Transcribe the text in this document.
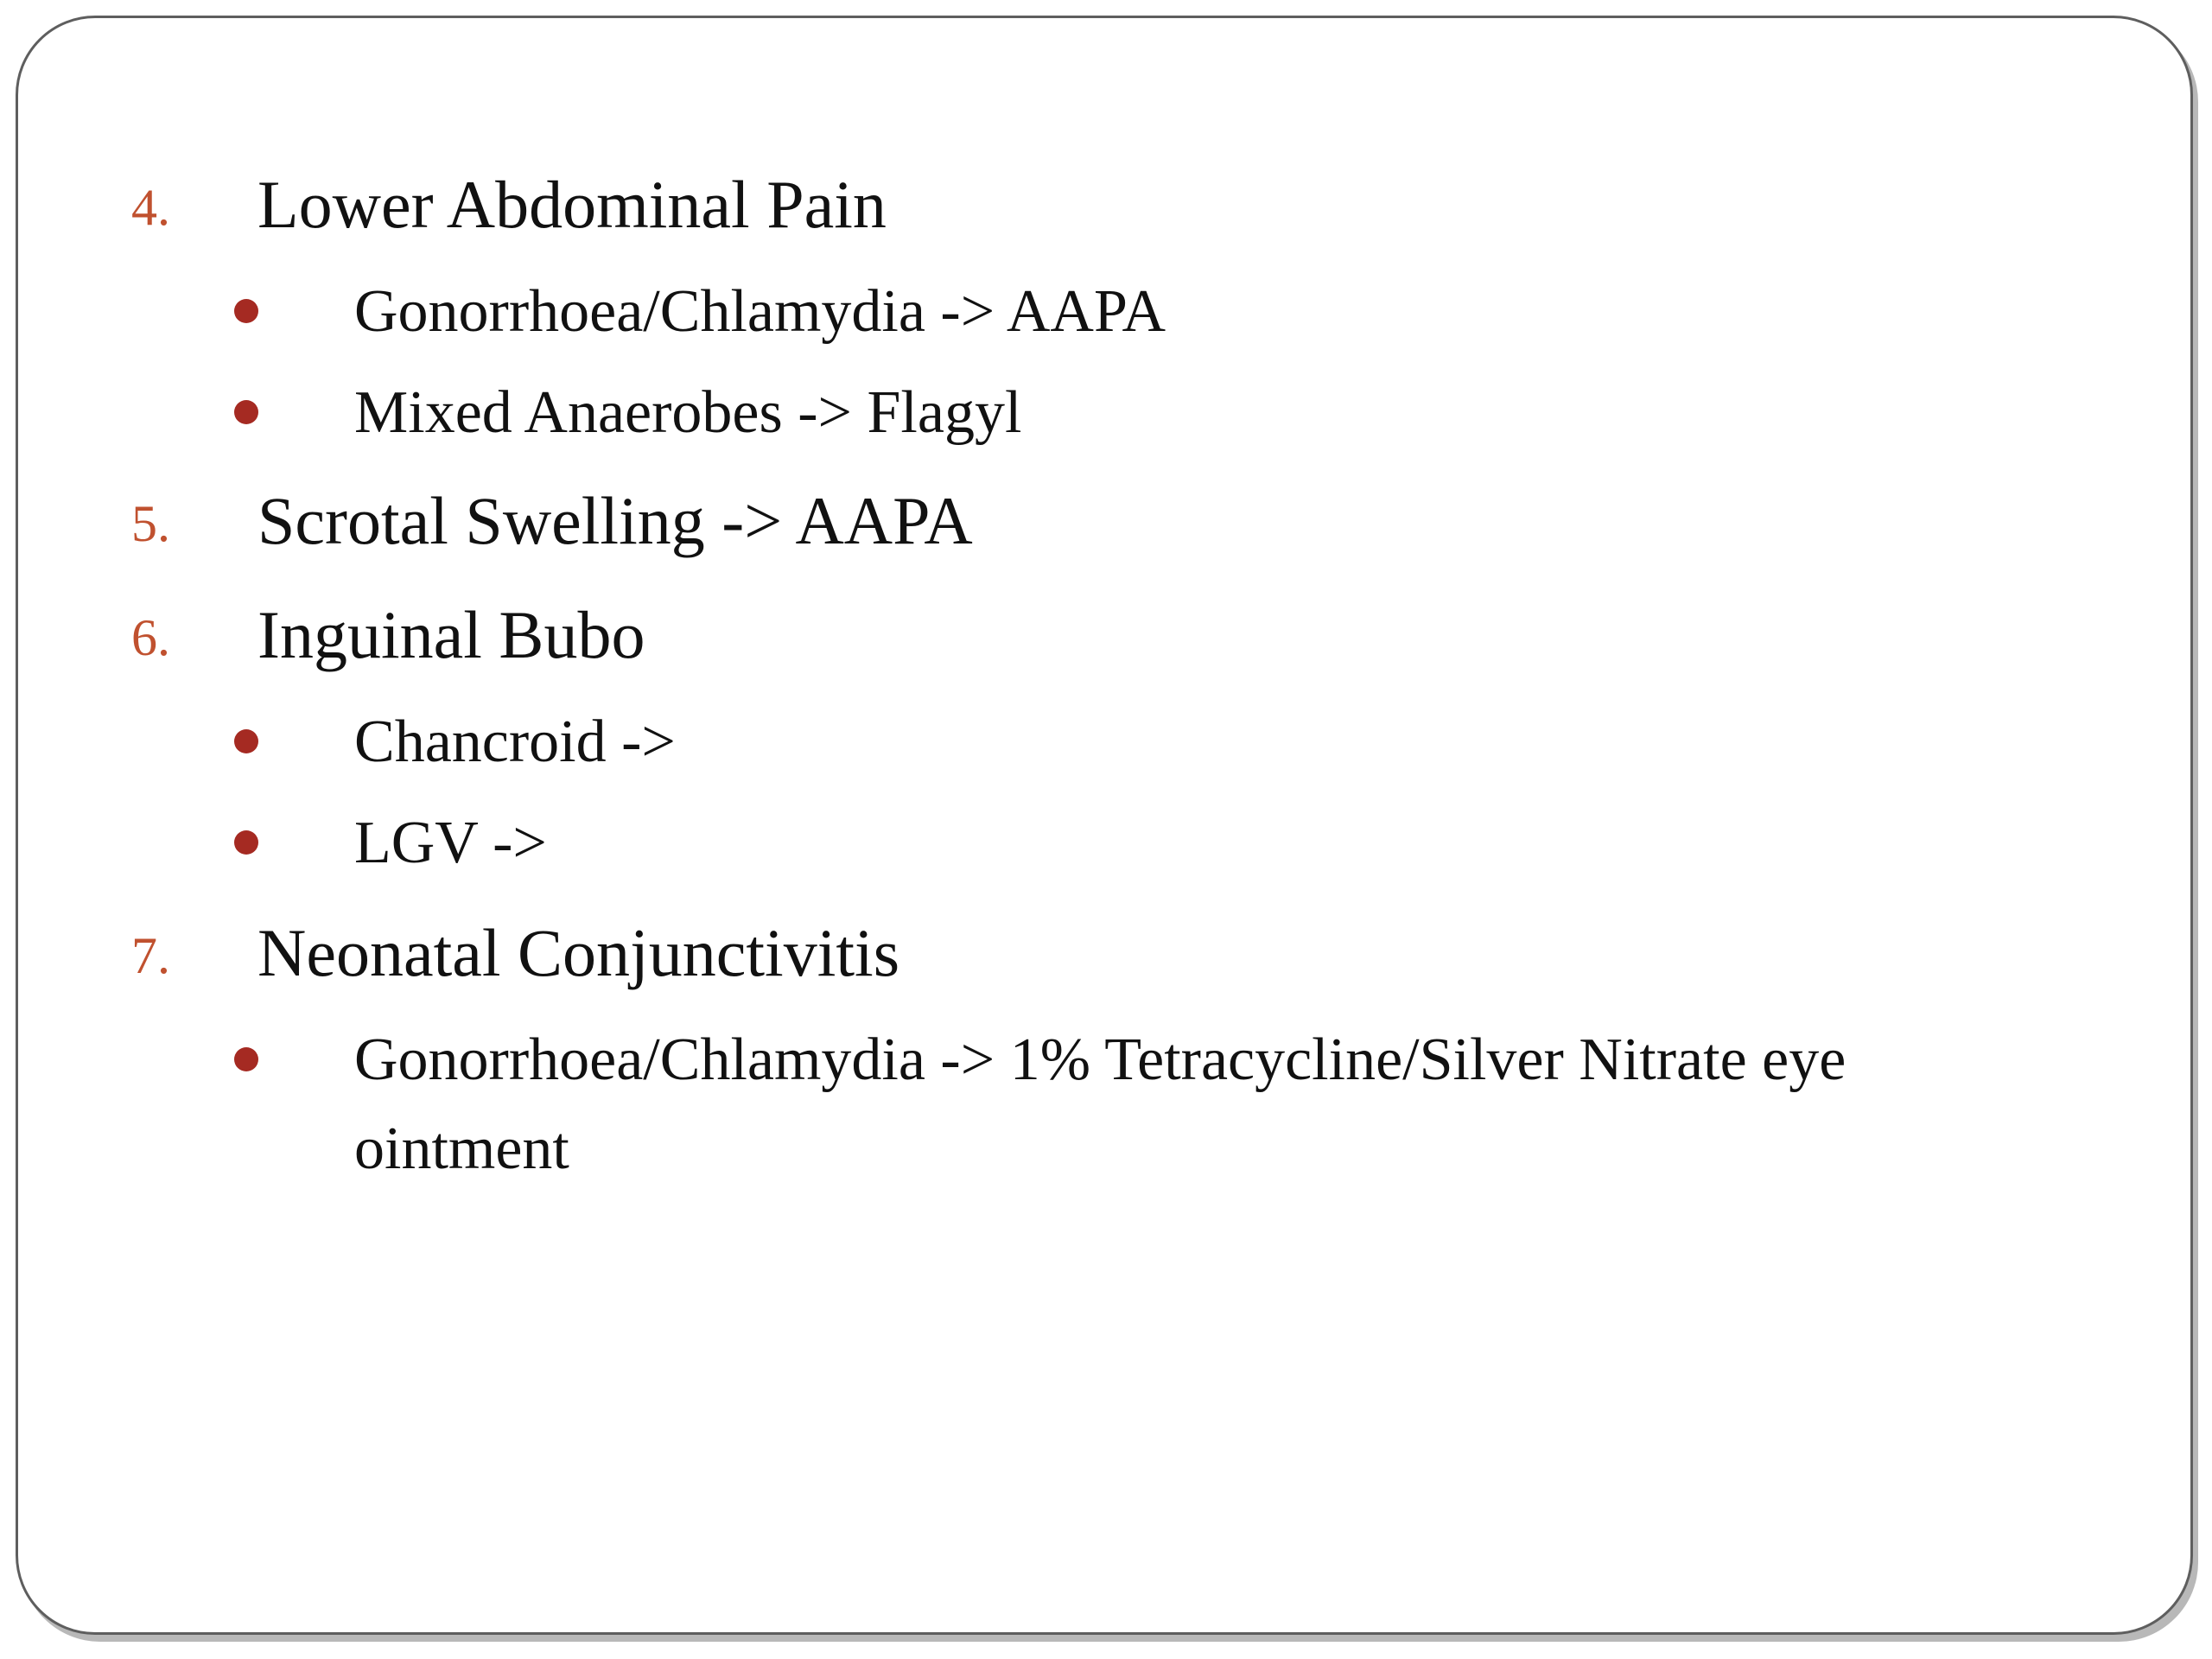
4. Lower Abdominal Pain
Gonorrhoea/Chlamydia -> AAPA
Mixed Anaerobes -> Flagyl
5. Scrotal Swelling -> AAPA
6. Inguinal Bubo
Chancroid ->
LGV ->
7. Neonatal Conjunctivitis
Gonorrhoea/Chlamydia -> 1% Tetracycline/Silver Nitrate eye
ointment
